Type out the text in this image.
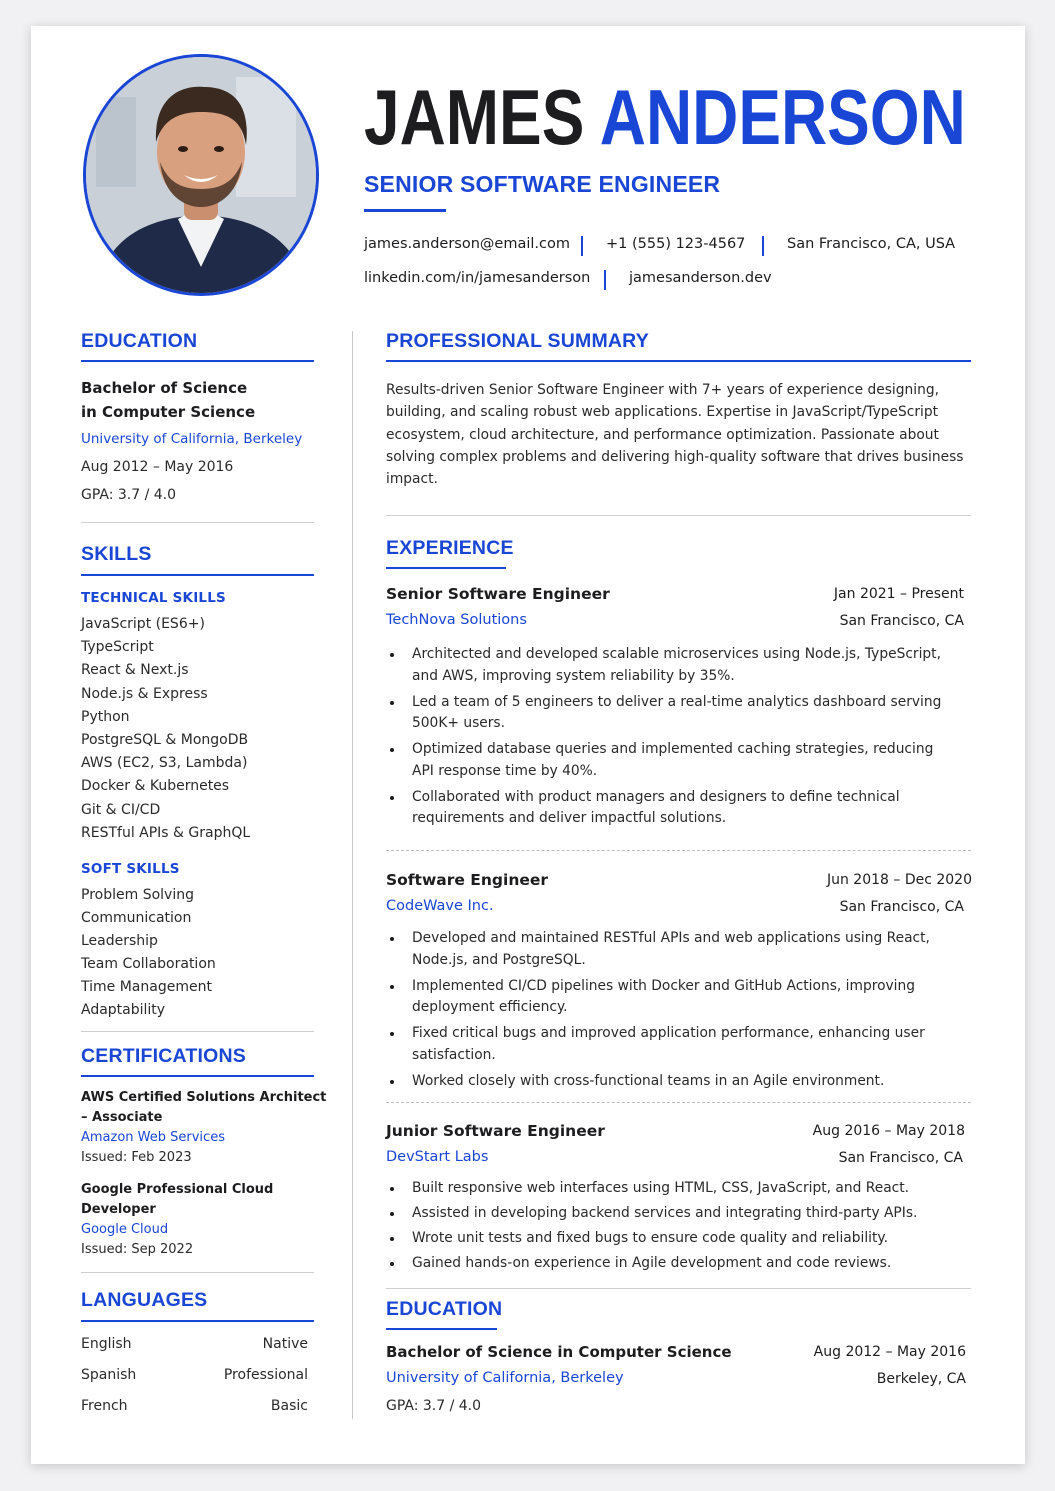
JAMES ANDERSON
SENIOR SOFTWARE ENGINEER
james.anderson@email.com +1 (555) 123-4567	San Francisco, CA, USA
linkedin.com/in/jamesanderson	jamesanderson.dev
EDUCATION
Bachelor of Science
in Computer Science
University of California, Berkeley
Aug 2012 – May 2016
GPA: 3.7 / 4.0
SKILLS
TECHNICAL SKILLS
JavaScript (ES6+)
TypeScript
React & Next.js
Node.js & Express
Python
PostgreSQL & MongoDB
AWS (EC2, S3, Lambda)
Docker & Kubernetes
Git & CI/CD
RESTful APIs & GraphQL
SOFT SKILLS
Problem Solving
Communication
Leadership
Team Collaboration
Time Management
Adaptability
CERTIFICATIONS
AWS Certified Solutions Architect
– Associate
Amazon Web Services
Issued: Feb 2023
Google Professional Cloud
Developer
Google Cloud
Issued: Sep 2022
LANGUAGES
English	Native
Spanish	Professional
French	Basic
PROFESSIONAL SUMMARY
Results-driven Senior Software Engineer with 7+ years of experience designing, building, and scaling robust web applications. Expertise in JavaScript/TypeScript ecosystem, cloud architecture, and performance optimization. Passionate about solving complex problems and delivering high-quality software that drives business impact.
EXPERIENCE
Senior Software Engineer	Jan 2021 – Present
TechNova Solutions	San Francisco, CA
Architected and developed scalable microservices using Node.js, TypeScript, and AWS, improving system reliability by 35%.
Led a team of 5 engineers to deliver a real-time analytics dashboard serving 500K+ users.
Optimized database queries and implemented caching strategies, reducing API response time by 40%.
Collaborated with product managers and designers to define technical requirements and deliver impactful solutions.
Software Engineer	Jun 2018 – Dec 2020
CodeWave Inc.	San Francisco, CA
Developed and maintained RESTful APIs and web applications using React, Node.js, and PostgreSQL.
Implemented CI/CD pipelines with Docker and GitHub Actions, improving deployment efficiency.
Fixed critical bugs and improved application performance, enhancing user satisfaction.
Worked closely with cross-functional teams in an Agile environment.
Junior Software Engineer	Aug 2016 – May 2018
DevStart Labs	San Francisco, CA
Built responsive web interfaces using HTML, CSS, JavaScript, and React.
Assisted in developing backend services and integrating third-party APIs.
Wrote unit tests and fixed bugs to ensure code quality and reliability.
Gained hands-on experience in Agile development and code reviews.
EDUCATION
Bachelor of Science in Computer Science	Aug 2012 – May 2016
University of California, Berkeley	Berkeley, CA
GPA: 3.7 / 4.0
